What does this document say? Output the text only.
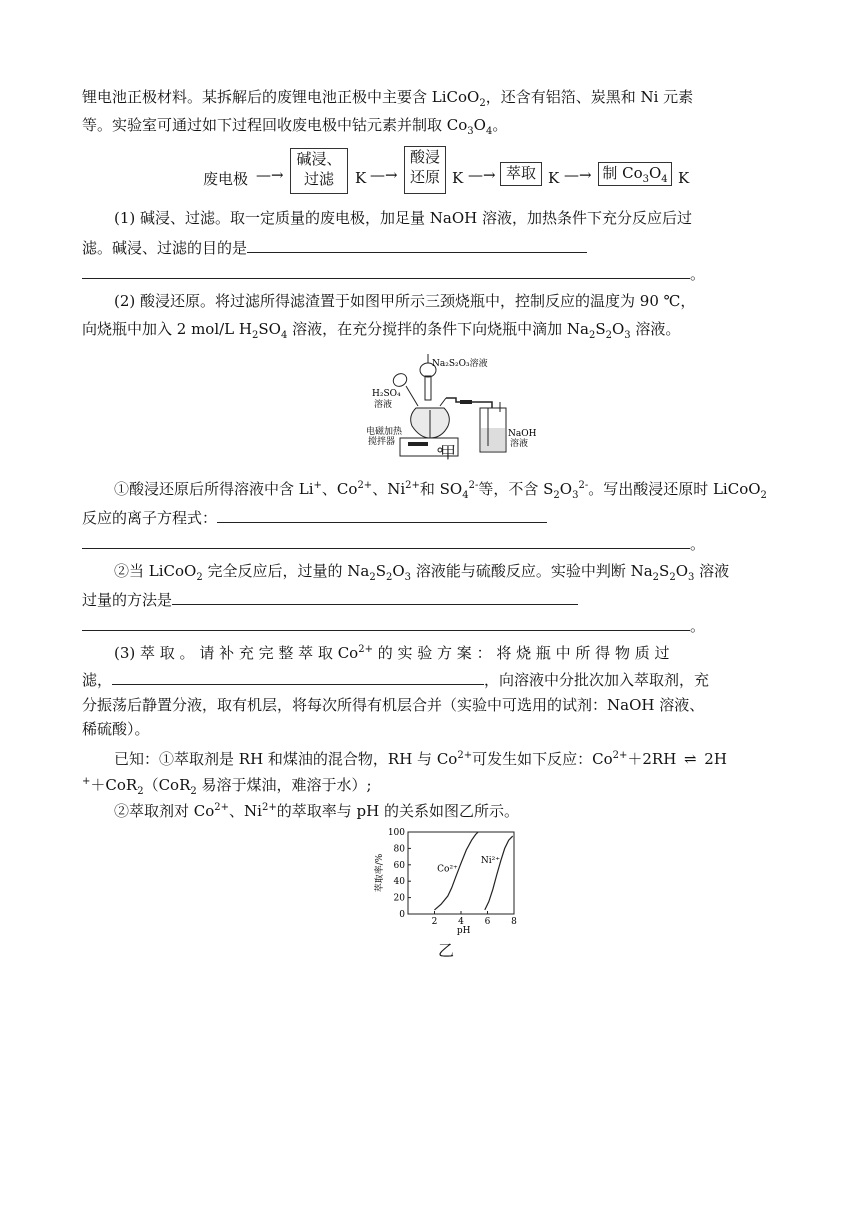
锂电池正极材料。某拆解后的废锂电池正极中主要含 LiCoO$_2$，还含有铝箔、炭黑和 Ni 元素
等。实验室可通过如下过程回收废电极中钴元素并制取 $Co_3O_4$。
废电极 —→
碱浸、
过滤	K —→
酸浸
还原 K —→ 萃取 K —→ 制 $Co_3O_4$ K
(1) 碱浸、过滤。取一定质量的废电极，加足量 NaOH 溶液，加热条件下充分反应后过
滤。碱浸、过滤的目的是
。
(2) 酸浸还原。将过滤所得滤渣置于如图甲所示三颈烧瓶中，控制反应的温度为 90 ℃，
向烧瓶中加入 2 mol/L $H_2SO_4$ 溶液，在充分搅拌的条件下向烧瓶中滴加 $Na_2S_2O_3$ 溶液。
Na₂S₂O₃溶液
H₂SO₄
溶液
电磁加热
搅拌器
NaOH
溶液
甲
①酸浸还原后所得溶液中含 Li+、$Co^{2+}$、$Ni^{2+}$和 $SO_4^{2-}$等，不含 $S_2O_3^{2-}$。写出酸浸还原时 LiCoO$_2$
反应的离子方程式：
。
②当 LiCoO$_2$ 完全反应后，过量的 $Na_2S_2O_3$ 溶液能与硫酸反应。实验中判断 $Na_2S_2O_3$ 溶液
过量的方法是
。
(3) 萃 取 。 请 补 充 完 整 萃 取 $Co^{2+}$ 的 实 验 方 案 ： 将 烧 瓶 中 所 得 物 质 过
滤，	，向溶液中分批次加入萃取剂，充
分振荡后静置分液，取有机层，将每次所得有机层合并（实验中可选用的试剂：NaOH 溶液、
稀硫酸）。
已知：①萃取剂是 RH 和煤油的混合物，RH 与 $Co^{2+}$可发生如下反应：$Co^{2+}+2RH$ ⇌ 2H
+＋CoR$_2$（CoR$_2$ 易溶于煤油，难溶于水）;
②萃取剂对 $Co^{2+}$、$Ni^{2+}$的萃取率与 pH 的关系如图乙所示。
0
20
40
60
80
100
2 4 6 8
pH
萃取率/%	Co²⁺
Ni²⁺
乙
